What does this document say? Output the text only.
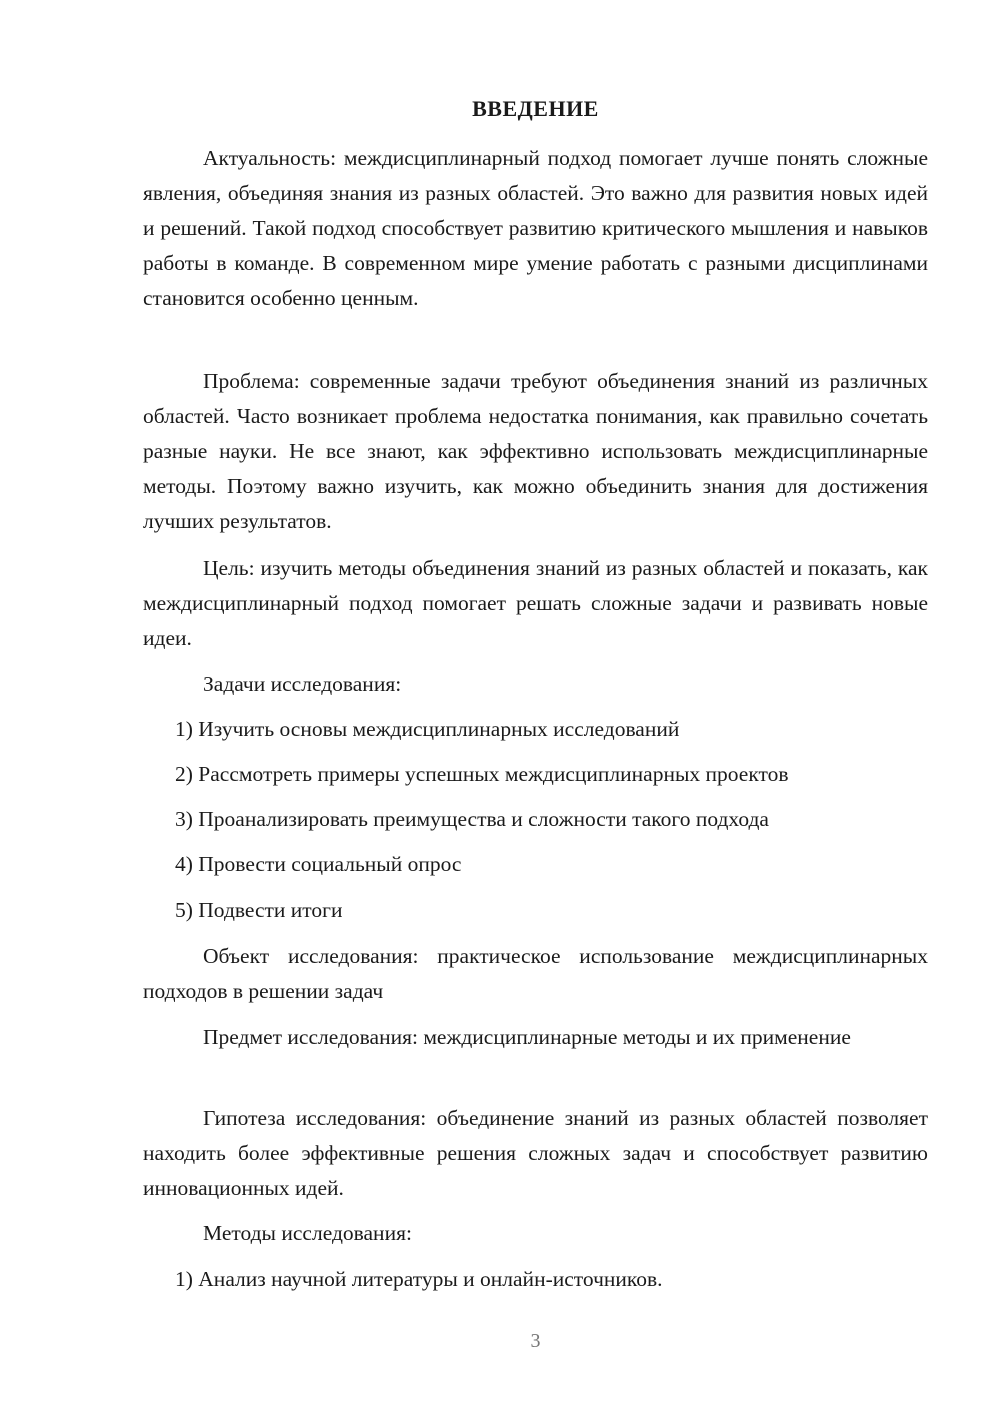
ВВЕДЕНИЕ

Актуальность: междисциплинарный подход помогает лучше понять сложные явления, объединяя знания из разных областей. Это важно для развития новых идей и решений. Такой подход способствует развитию критического мышления и навыков работы в команде. В современном мире умение работать с разными дисциплинами становится особенно ценным.

Проблема: современные задачи требуют объединения знаний из различных областей. Часто возникает проблема недостатка понимания, как правильно сочетать разные науки. Не все знают, как эффективно использовать междисциплинарные методы. Поэтому важно изучить, как можно объединить знания для достижения лучших результатов.

Цель: изучить методы объединения знаний из разных областей и показать, как междисциплинарный подход помогает решать сложные задачи и развивать новые идеи.

Задачи исследования:

1) Изучить основы междисциплинарных исследований

2) Рассмотреть примеры успешных междисциплинарных проектов

3) Проанализировать преимущества и сложности такого подхода

4) Провести социальный опрос

5) Подвести итоги

Объект исследования: практическое использование междисциплинарных подходов в решении задач

Предмет исследования: междисциплинарные методы и их применение

Гипотеза исследования: объединение знаний из разных областей позволяет находить более эффективные решения сложных задач и способствует развитию инновационных идей.

Методы исследования:

1) Анализ научной литературы и онлайн-источников.

3
